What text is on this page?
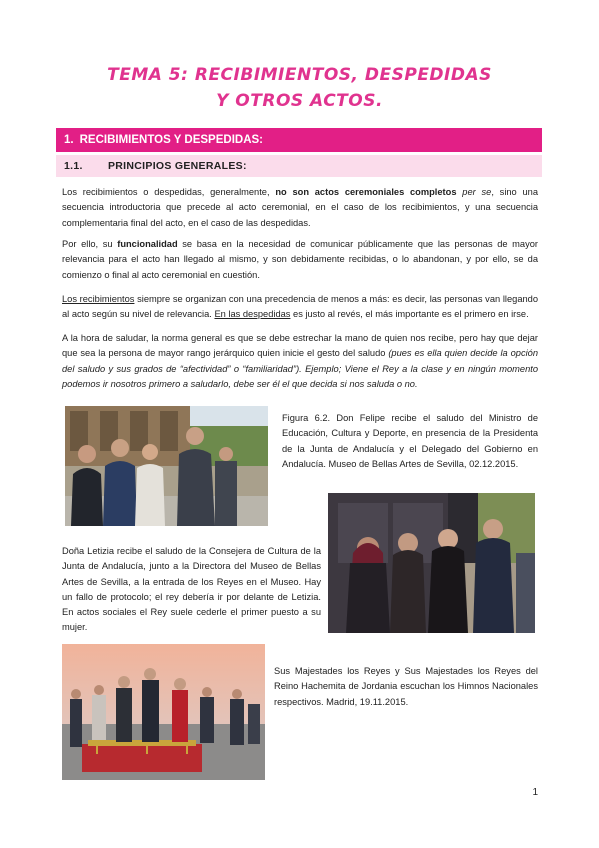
TEMA 5: RECIBIMIENTOS, DESPEDIDAS
Y OTROS ACTOS.
1. RECIBIMIENTOS Y DESPEDIDAS:
1.1. PRINCIPIOS GENERALES:

Los recibimientos o despedidas, generalmente, no son actos ceremoniales completos per se, sino una secuencia introductoria que precede al acto ceremonial, en el caso de los recibimientos, y una secuencia complementaria final del acto, en el caso de las despedidas.

Por ello, su funcionalidad se basa en la necesidad de comunicar públicamente que las personas de mayor relevancia para el acto han llegado al mismo, y son debidamente recibidas, o lo abandonan, y por ello, se da comienzo o final al acto ceremonial en cuestión.

Los recibimientos siempre se organizan con una precedencia de menos a más: es decir, las personas van llegando al acto según su nivel de relevancia. En las despedidas es justo al revés, el más importante es el primero en irse.

A la hora de saludar, la norma general es que se debe estrechar la mano de quien nos recibe, pero hay que dejar que sea la persona de mayor rango jerárquico quien inicie el gesto del saludo (pues es ella quien decide la opción del saludo y sus grados de “afectividad” o “familiaridad”). Ejemplo; Viene el Rey a la clase y en ningún momento podemos ir nosotros primero a saludarlo, debe ser él el que decida si nos saluda o no.

Figura 6.2. Don Felipe recibe el saludo del Ministro de Educación, Cultura y Deporte, en presencia de la Presidenta de la Junta de Andalucía y el Delegado del Gobierno en Andalucía. Museo de Bellas Artes de Sevilla, 02.12.2015.

Doña Letizia recibe el saludo de la Consejera de Cultura de la Junta de Andalucía, junto a la Directora del Museo de Bellas Artes de Sevilla, a la entrada de los Reyes en el Museo. Hay un fallo de protocolo; el rey debería ir por delante de Letizia. En actos sociales el Rey suele cederle el primer puesto a su mujer.

Sus Majestades los Reyes y Sus Majestades los Reyes del Reino Hachemita de Jordania escuchan los Himnos Nacionales respectivos. Madrid, 19.11.2015.

1
